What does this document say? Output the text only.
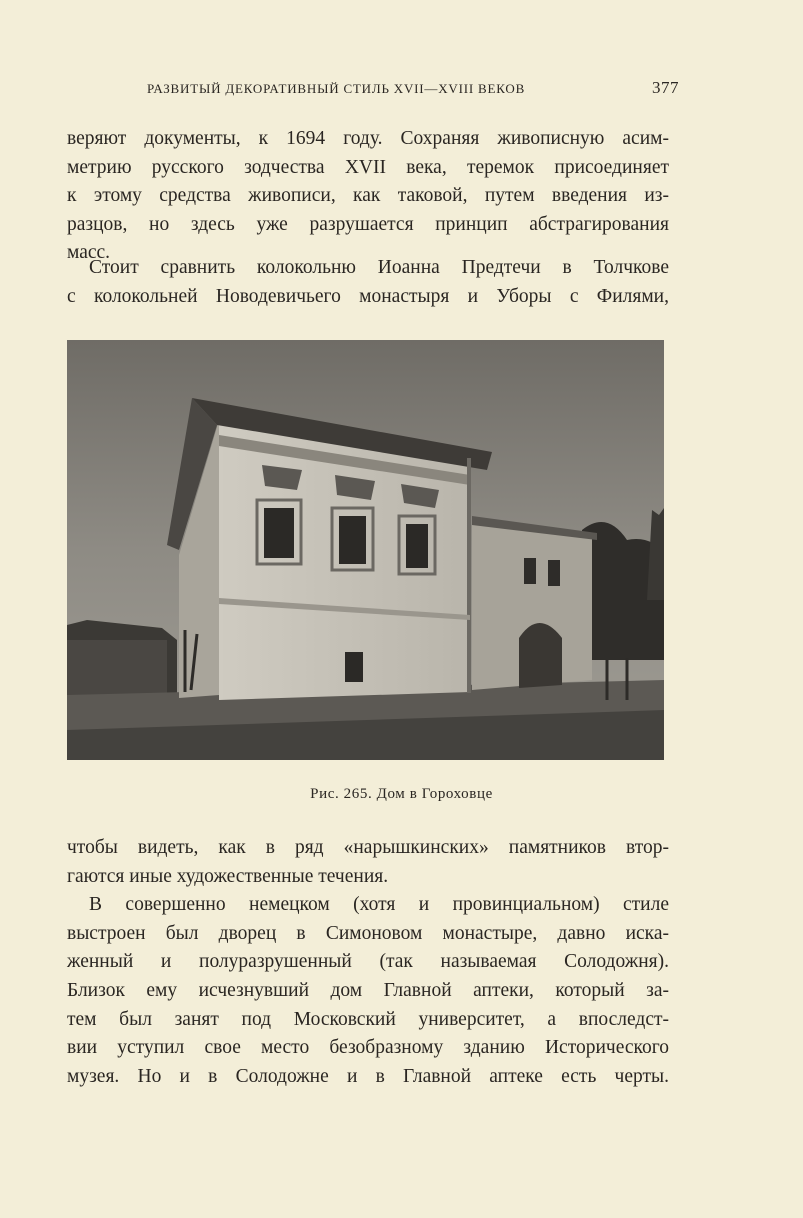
РАЗВИТЫЙ ДЕКОРАТИВНЫЙ СТИЛЬ XVII—XVIII ВЕКОВ	377
веряют документы, к 1694 году. Сохраняя живописную асим-
метрию русского зодчества XVII века, теремок присоединяет
к этому средства живописи, как таковой, путем введения из-
разцов, но здесь уже разрушается принцип абстрагирования
масс.
Стоит сравнить колокольню Иоанна Предтечи в Толчкове
с колокольней Новодевичьего монастыря и Уборы с Филями,
Рис. 265. Дом в Гороховце
чтобы видеть, как в ряд «нарышкинских» памятников втор-
гаются иные художественные течения.
В совершенно немецком (хотя и провинциальном) стиле
выстроен был дворец в Симоновом монастыре, давно иска-
женный и полуразрушенный (так называемая Солодожня).
Близок ему исчезнувший дом Главной аптеки, который за-
тем был занят под Московский университет, а впоследст-
вии уступил свое место безобразному зданию Исторического
музея. Но и в Солодожне и в Главной аптеке есть черты.
